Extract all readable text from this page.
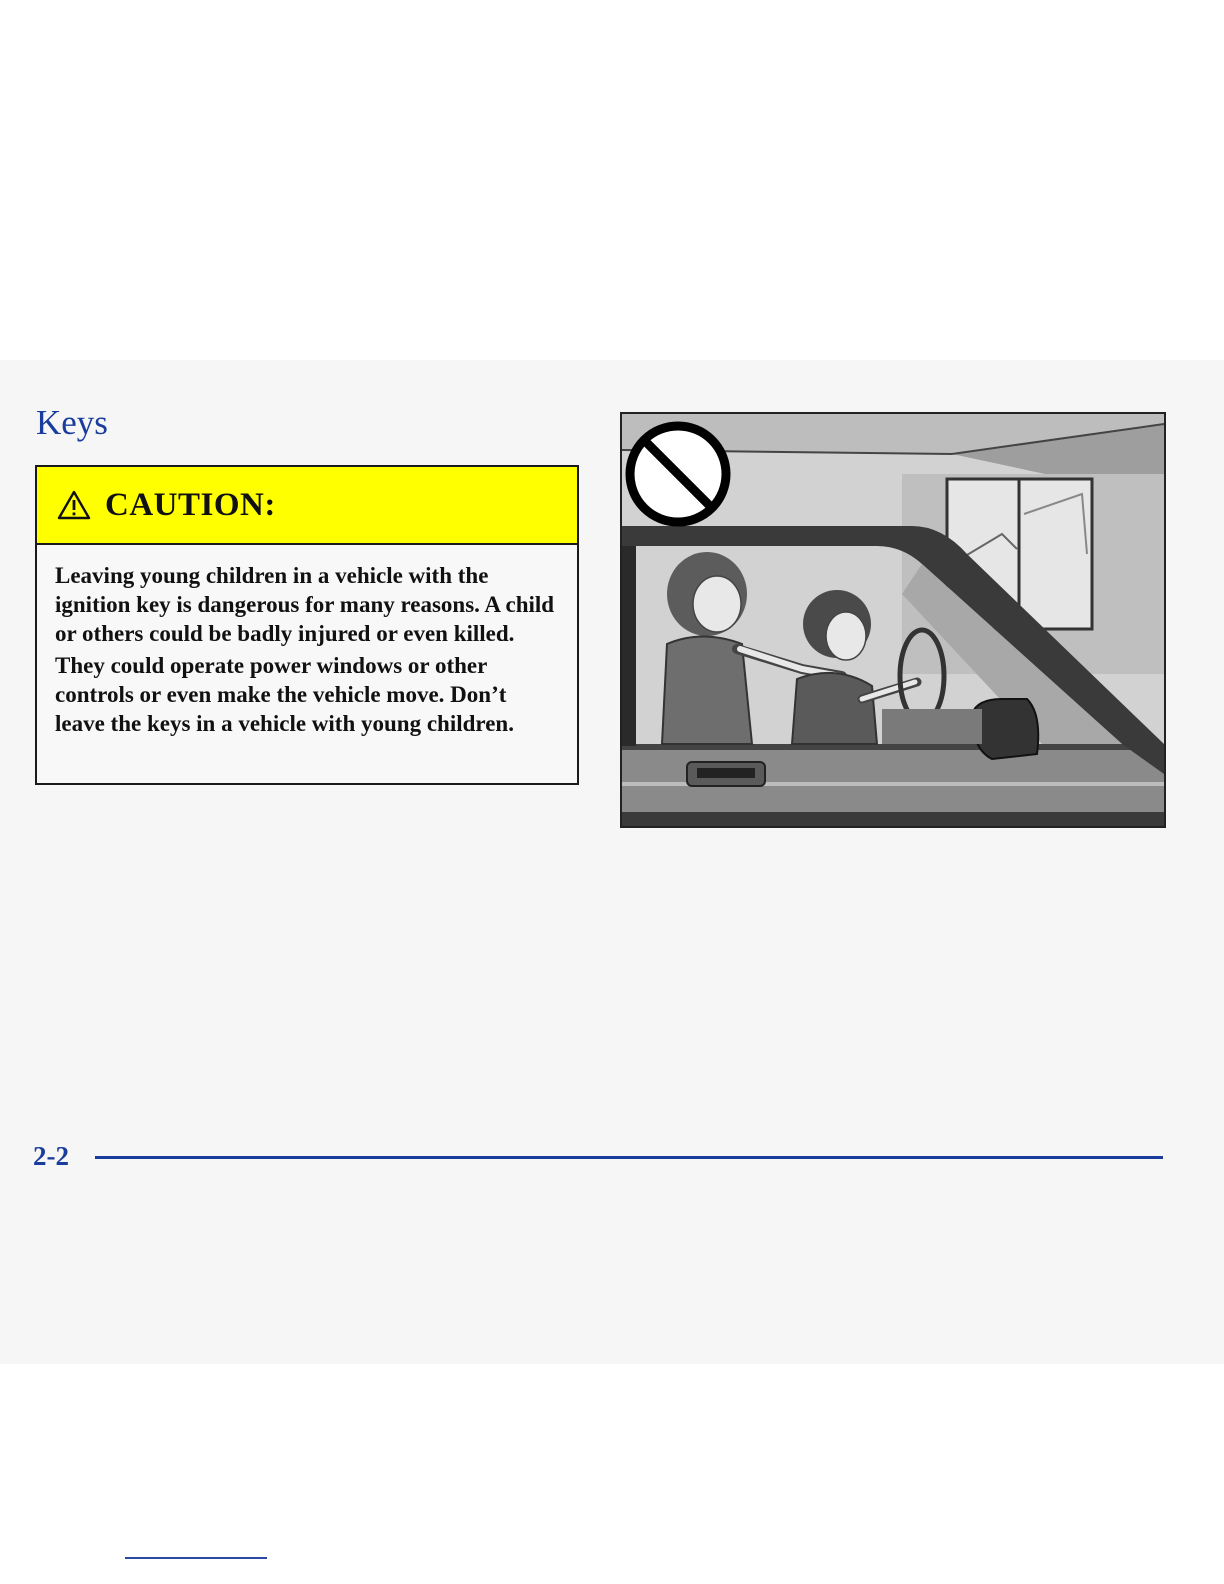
Keys
CAUTION:

Leaving young children in a vehicle with the ignition key is dangerous for many reasons. A child or others could be badly injured or even killed.

They could operate power windows or other controls or even make the vehicle move. Don’t leave the keys in a vehicle with young children.

2-2
